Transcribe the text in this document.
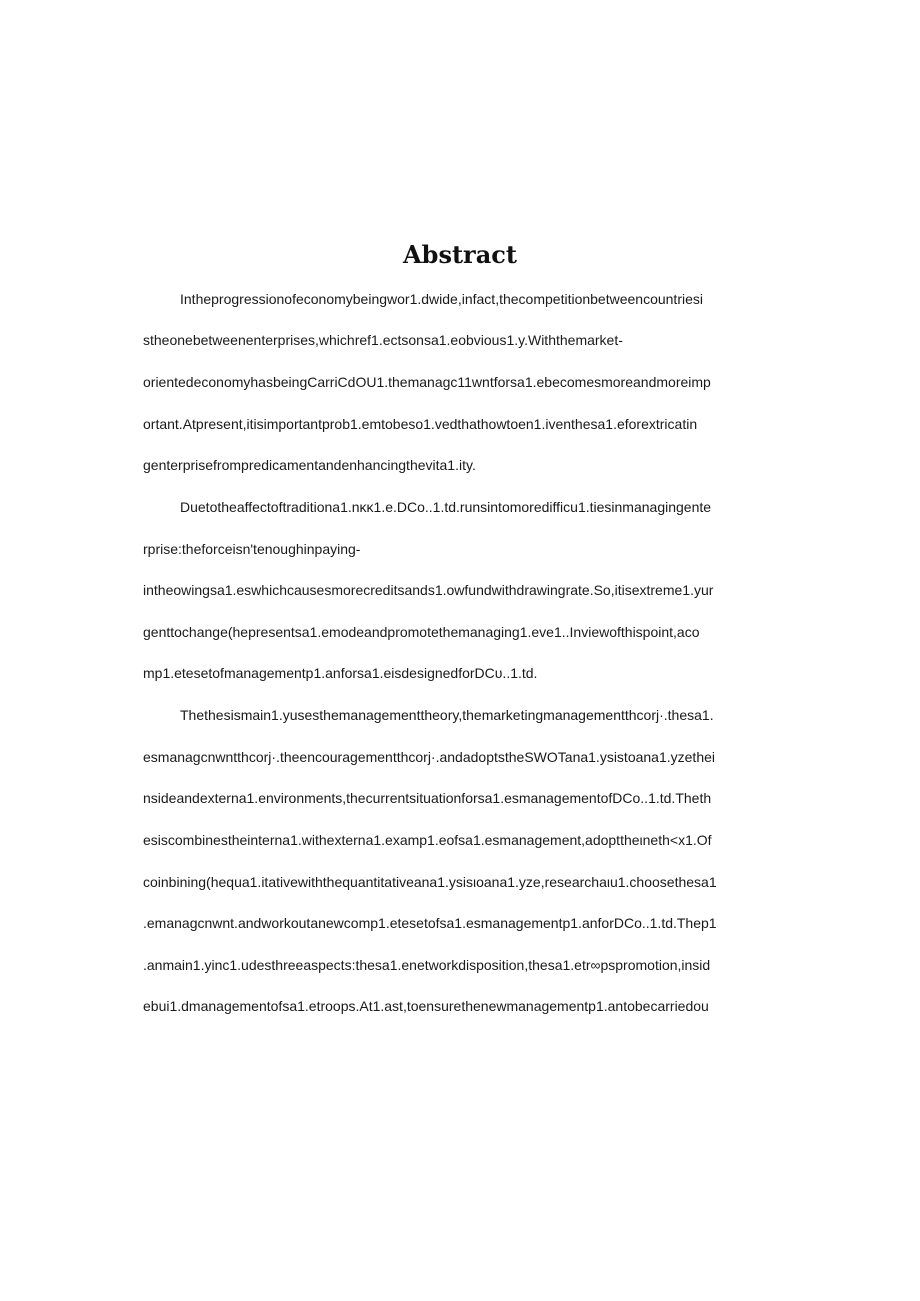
Abstract
Intheprogressionofeconomybeingwor1.dwide,infact,thecompetitionbetweencountriesi
stheonebetweenenterprises,whichref1.ectsonsa1.eobvious1.y.Withthemarket-
orientedeconomyhasbeingCarriCdOU1.themanagc11wntforsa1.ebecomesmoreandmoreimp
ortant.Atpresent,itisimportantprob1.emtobeso1.vedthathowtoen1.iventhesa1.eforextricatin
genterprisefrompredicamentandenhancingthevita1.ity.
Duetotheaffectoftraditiona1.nκκ1.e.DCo..1.td.runsintomoredifficu1.tiesinmanagingente
rprise:theforceisn'tenoughinpaying-
intheowingsa1.eswhichcausesmorecreditsands1.owfundwithdrawingrate.So,itisextreme1.yur
genttochange(hepresentsa1.emodeandpromotethemanaging1.eve1..Inviewofthispoint,aco
mp1.etesetofmanagementp1.anforsa1.eisdesignedforDCυ..1.td.
Thethesismain1.yusesthemanagementtheory,themarketingmanagementthcorj·.thesa1.
esmanagcnwntthcorj·.theencouragementthcorj·.andadoptstheSWOTana1.ysistoana1.yzethei
nsideandexterna1.environments,thecurrentsituationforsa1.esmanagementofDCo..1.td.Theth
esiscombinestheinterna1.withexterna1.examp1.eofsa1.esmanagement,adopttheιneth<x1.Of
coinbining(hequa1.itativewiththequantitativeana1.ysisιoana1.yze,researchaιu1.choosethesa1
.emanagcnwnt.andworkoutanewcomp1.etesetofsa1.esmanagementp1.anforDCo..1.td.Thep1
.anmain1.yinc1.udesthreeaspects:thesa1.enetworkdisposition,thesa1.etr∞pspromotion,insid
ebui1.dmanagementofsa1.etroops.At1.ast,toensurethenewmanagementp1.antobecarriedou
